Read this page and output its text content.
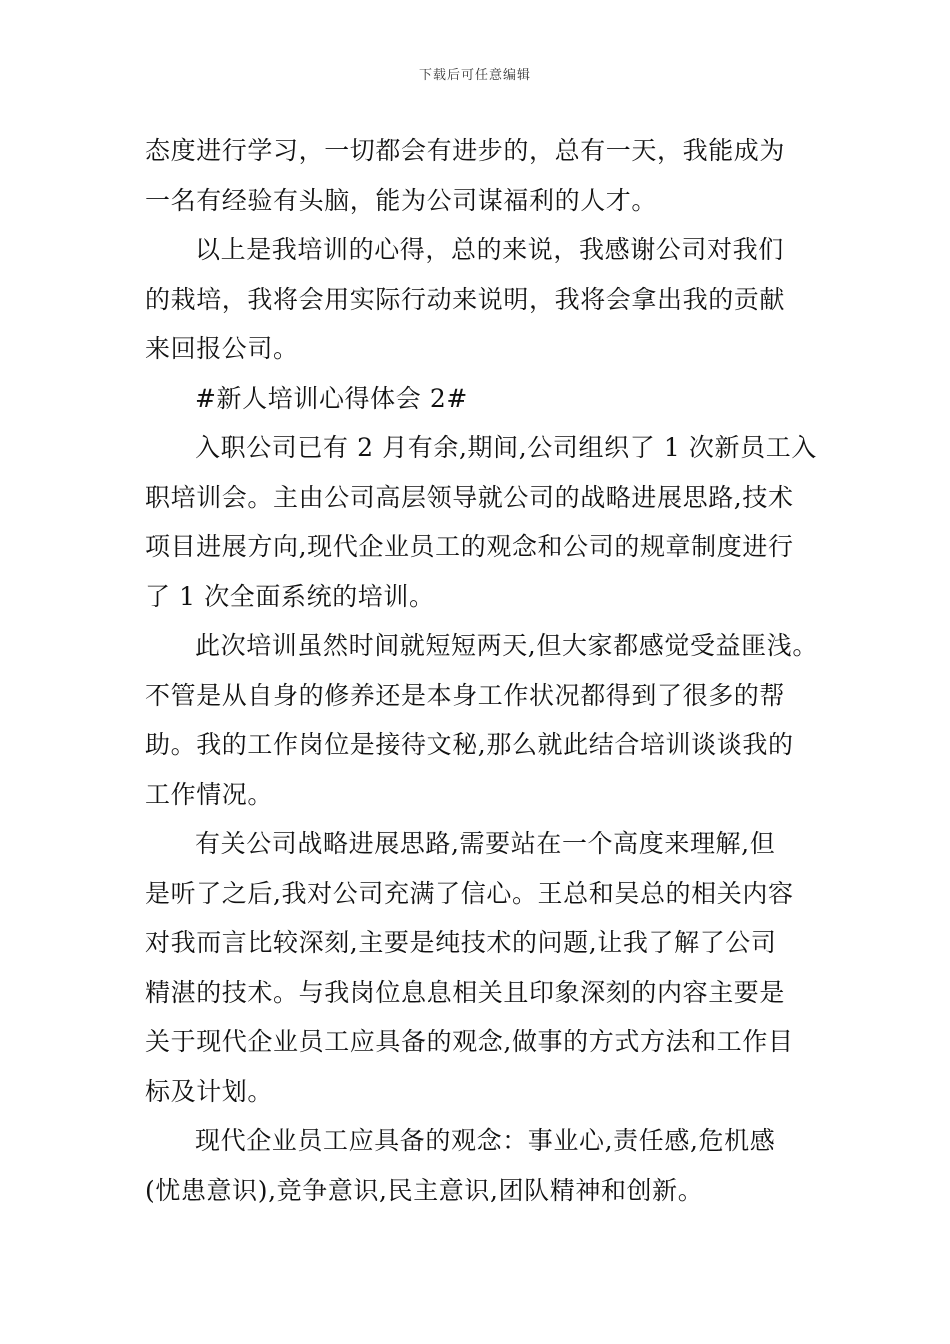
下载后可任意编辑
态度进行学习，一切都会有进步的，总有一天，我能成为
一名有经验有头脑，能为公司谋福利的人才。
以上是我培训的心得，总的来说，我感谢公司对我们
的栽培，我将会用实际行动来说明，我将会拿出我的贡献
来回报公司。
#新人培训心得体会 2#
入职公司已有 2 月有余,期间,公司组织了 1 次新员工入
职培训会。主由公司高层领导就公司的战略进展思路,技术
项目进展方向,现代企业员工的观念和公司的规章制度进行
了 1 次全面系统的培训。
此次培训虽然时间就短短两天,但大家都感觉受益匪浅。
不管是从自身的修养还是本身工作状况都得到了很多的帮
助。我的工作岗位是接待文秘,那么就此结合培训谈谈我的
工作情况。
有关公司战略进展思路,需要站在一个高度来理解,但
是听了之后,我对公司充满了信心。王总和吴总的相关内容
对我而言比较深刻,主要是纯技术的问题,让我了解了公司
精湛的技术。与我岗位息息相关且印象深刻的内容主要是
关于现代企业员工应具备的观念,做事的方式方法和工作目
标及计划。
现代企业员工应具备的观念：事业心,责任感,危机感
(忧患意识),竞争意识,民主意识,团队精神和创新。
